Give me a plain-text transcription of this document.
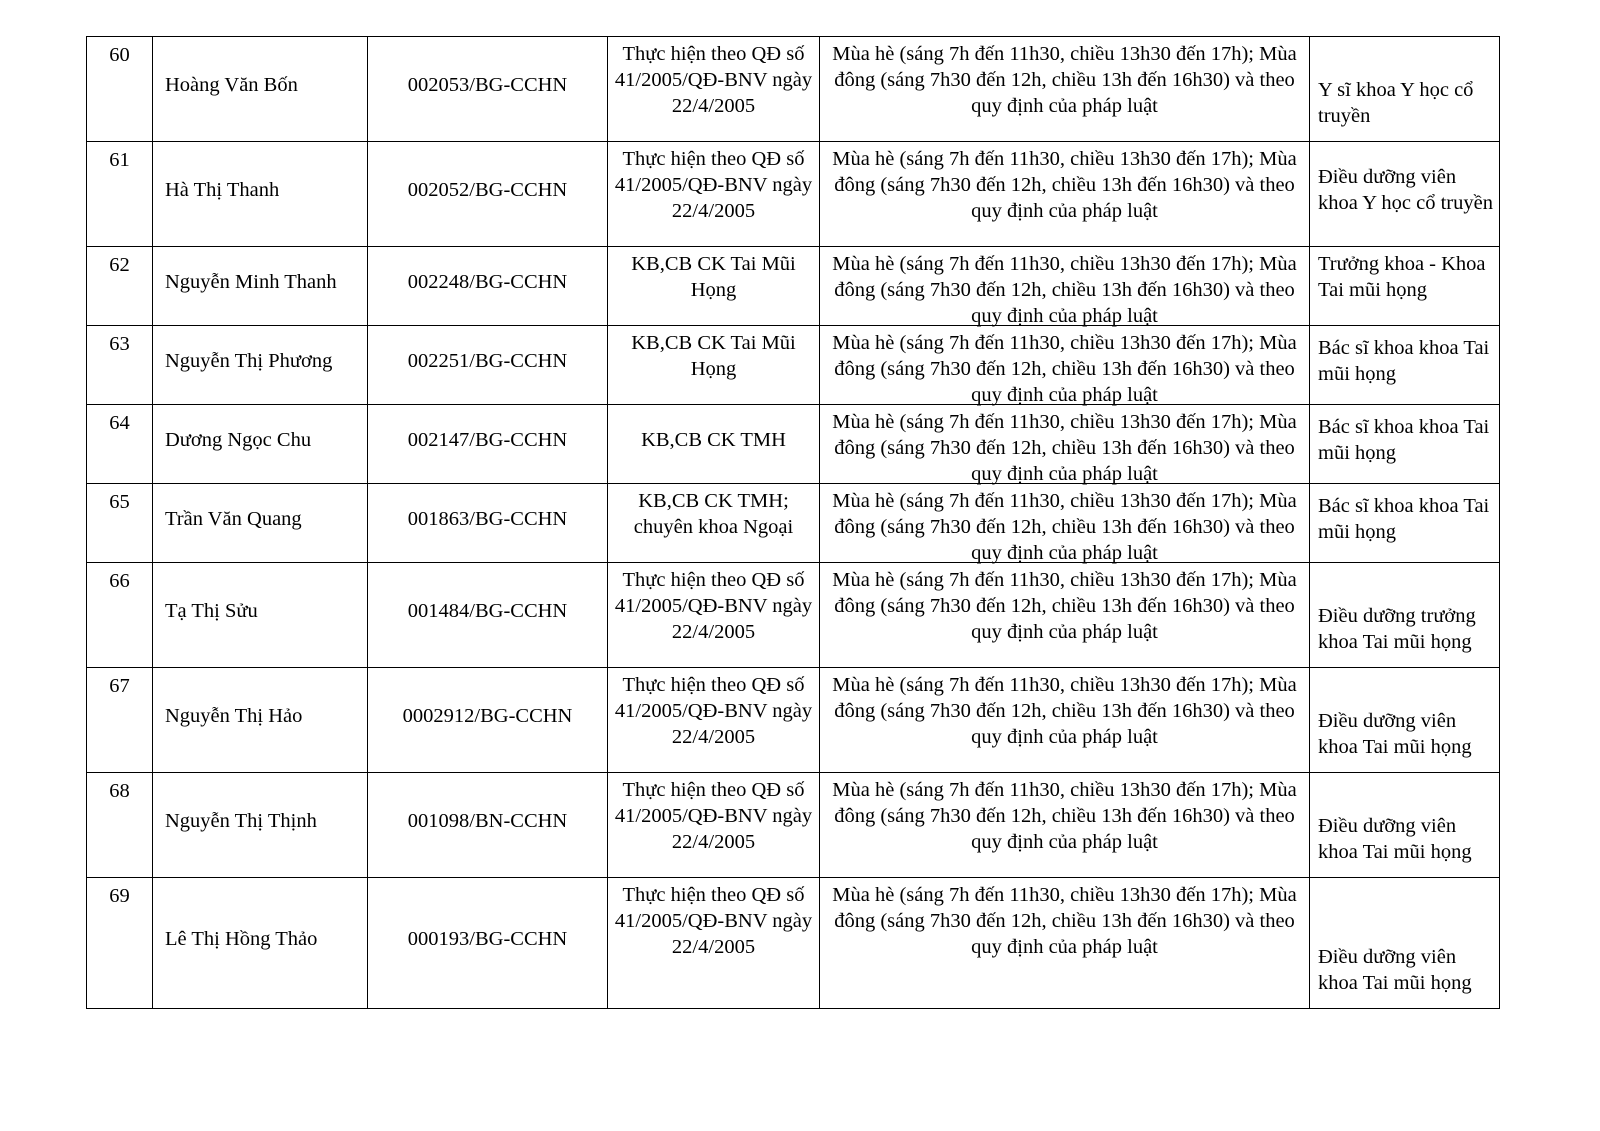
60	Hoàng Văn Bốn	002053/BG-CCHN	Thực hiện theo QĐ số 41/2005/QĐ-BNV ngày 22/4/2005	Mùa hè (sáng 7h đến 11h30, chiều 13h30 đến 17h); Mùa đông (sáng 7h30 đến 12h, chiều 13h đến 16h30) và theo quy định của pháp luật	Y sĩ khoa Y học cổ truyền

61	Hà Thị Thanh	002052/BG-CCHN	Thực hiện theo QĐ số 41/2005/QĐ-BNV ngày 22/4/2005	Mùa hè (sáng 7h đến 11h30, chiều 13h30 đến 17h); Mùa đông (sáng 7h30 đến 12h, chiều 13h đến 16h30) và theo quy định của pháp luật	Điều dưỡng viên khoa Y học cổ truyền

62	Nguyễn Minh Thanh	002248/BG-CCHN	KB,CB CK Tai Mũi Họng	Mùa hè (sáng 7h đến 11h30, chiều 13h30 đến 17h); Mùa đông (sáng 7h30 đến 12h, chiều 13h đến 16h30) và theo quy định của pháp luật	Trưởng khoa - Khoa Tai mũi họng

63	Nguyễn Thị Phương	002251/BG-CCHN	KB,CB CK Tai Mũi Họng	Mùa hè (sáng 7h đến 11h30, chiều 13h30 đến 17h); Mùa đông (sáng 7h30 đến 12h, chiều 13h đến 16h30) và theo quy định của pháp luật	Bác sĩ khoa khoa Tai mũi họng

64	Dương Ngọc Chu	002147/BG-CCHN	KB,CB CK TMH	Mùa hè (sáng 7h đến 11h30, chiều 13h30 đến 17h); Mùa đông (sáng 7h30 đến 12h, chiều 13h đến 16h30) và theo quy định của pháp luật	Bác sĩ khoa khoa Tai mũi họng

65	Trần Văn Quang	001863/BG-CCHN	KB,CB CK TMH; chuyên khoa Ngoại	Mùa hè (sáng 7h đến 11h30, chiều 13h30 đến 17h); Mùa đông (sáng 7h30 đến 12h, chiều 13h đến 16h30) và theo quy định của pháp luật	Bác sĩ khoa khoa Tai mũi họng

66	Tạ Thị Sửu	001484/BG-CCHN	Thực hiện theo QĐ số 41/2005/QĐ-BNV ngày 22/4/2005	Mùa hè (sáng 7h đến 11h30, chiều 13h30 đến 17h); Mùa đông (sáng 7h30 đến 12h, chiều 13h đến 16h30) và theo quy định của pháp luật	Điều dưỡng trưởng khoa Tai mũi họng

67	Nguyễn Thị Hảo	0002912/BG-CCHN	Thực hiện theo QĐ số 41/2005/QĐ-BNV ngày 22/4/2005	Mùa hè (sáng 7h đến 11h30, chiều 13h30 đến 17h); Mùa đông (sáng 7h30 đến 12h, chiều 13h đến 16h30) và theo quy định của pháp luật	Điều dưỡng viên khoa Tai mũi họng

68	Nguyễn Thị Thịnh	001098/BN-CCHN	Thực hiện theo QĐ số 41/2005/QĐ-BNV ngày 22/4/2005	Mùa hè (sáng 7h đến 11h30, chiều 13h30 đến 17h); Mùa đông (sáng 7h30 đến 12h, chiều 13h đến 16h30) và theo quy định của pháp luật	Điều dưỡng viên khoa Tai mũi họng

69	Lê Thị Hồng Thảo	000193/BG-CCHN	Thực hiện theo QĐ số 41/2005/QĐ-BNV ngày 22/4/2005	Mùa hè (sáng 7h đến 11h30, chiều 13h30 đến 17h); Mùa đông (sáng 7h30 đến 12h, chiều 13h đến 16h30) và theo quy định của pháp luật	Điều dưỡng viên khoa Tai mũi họng
